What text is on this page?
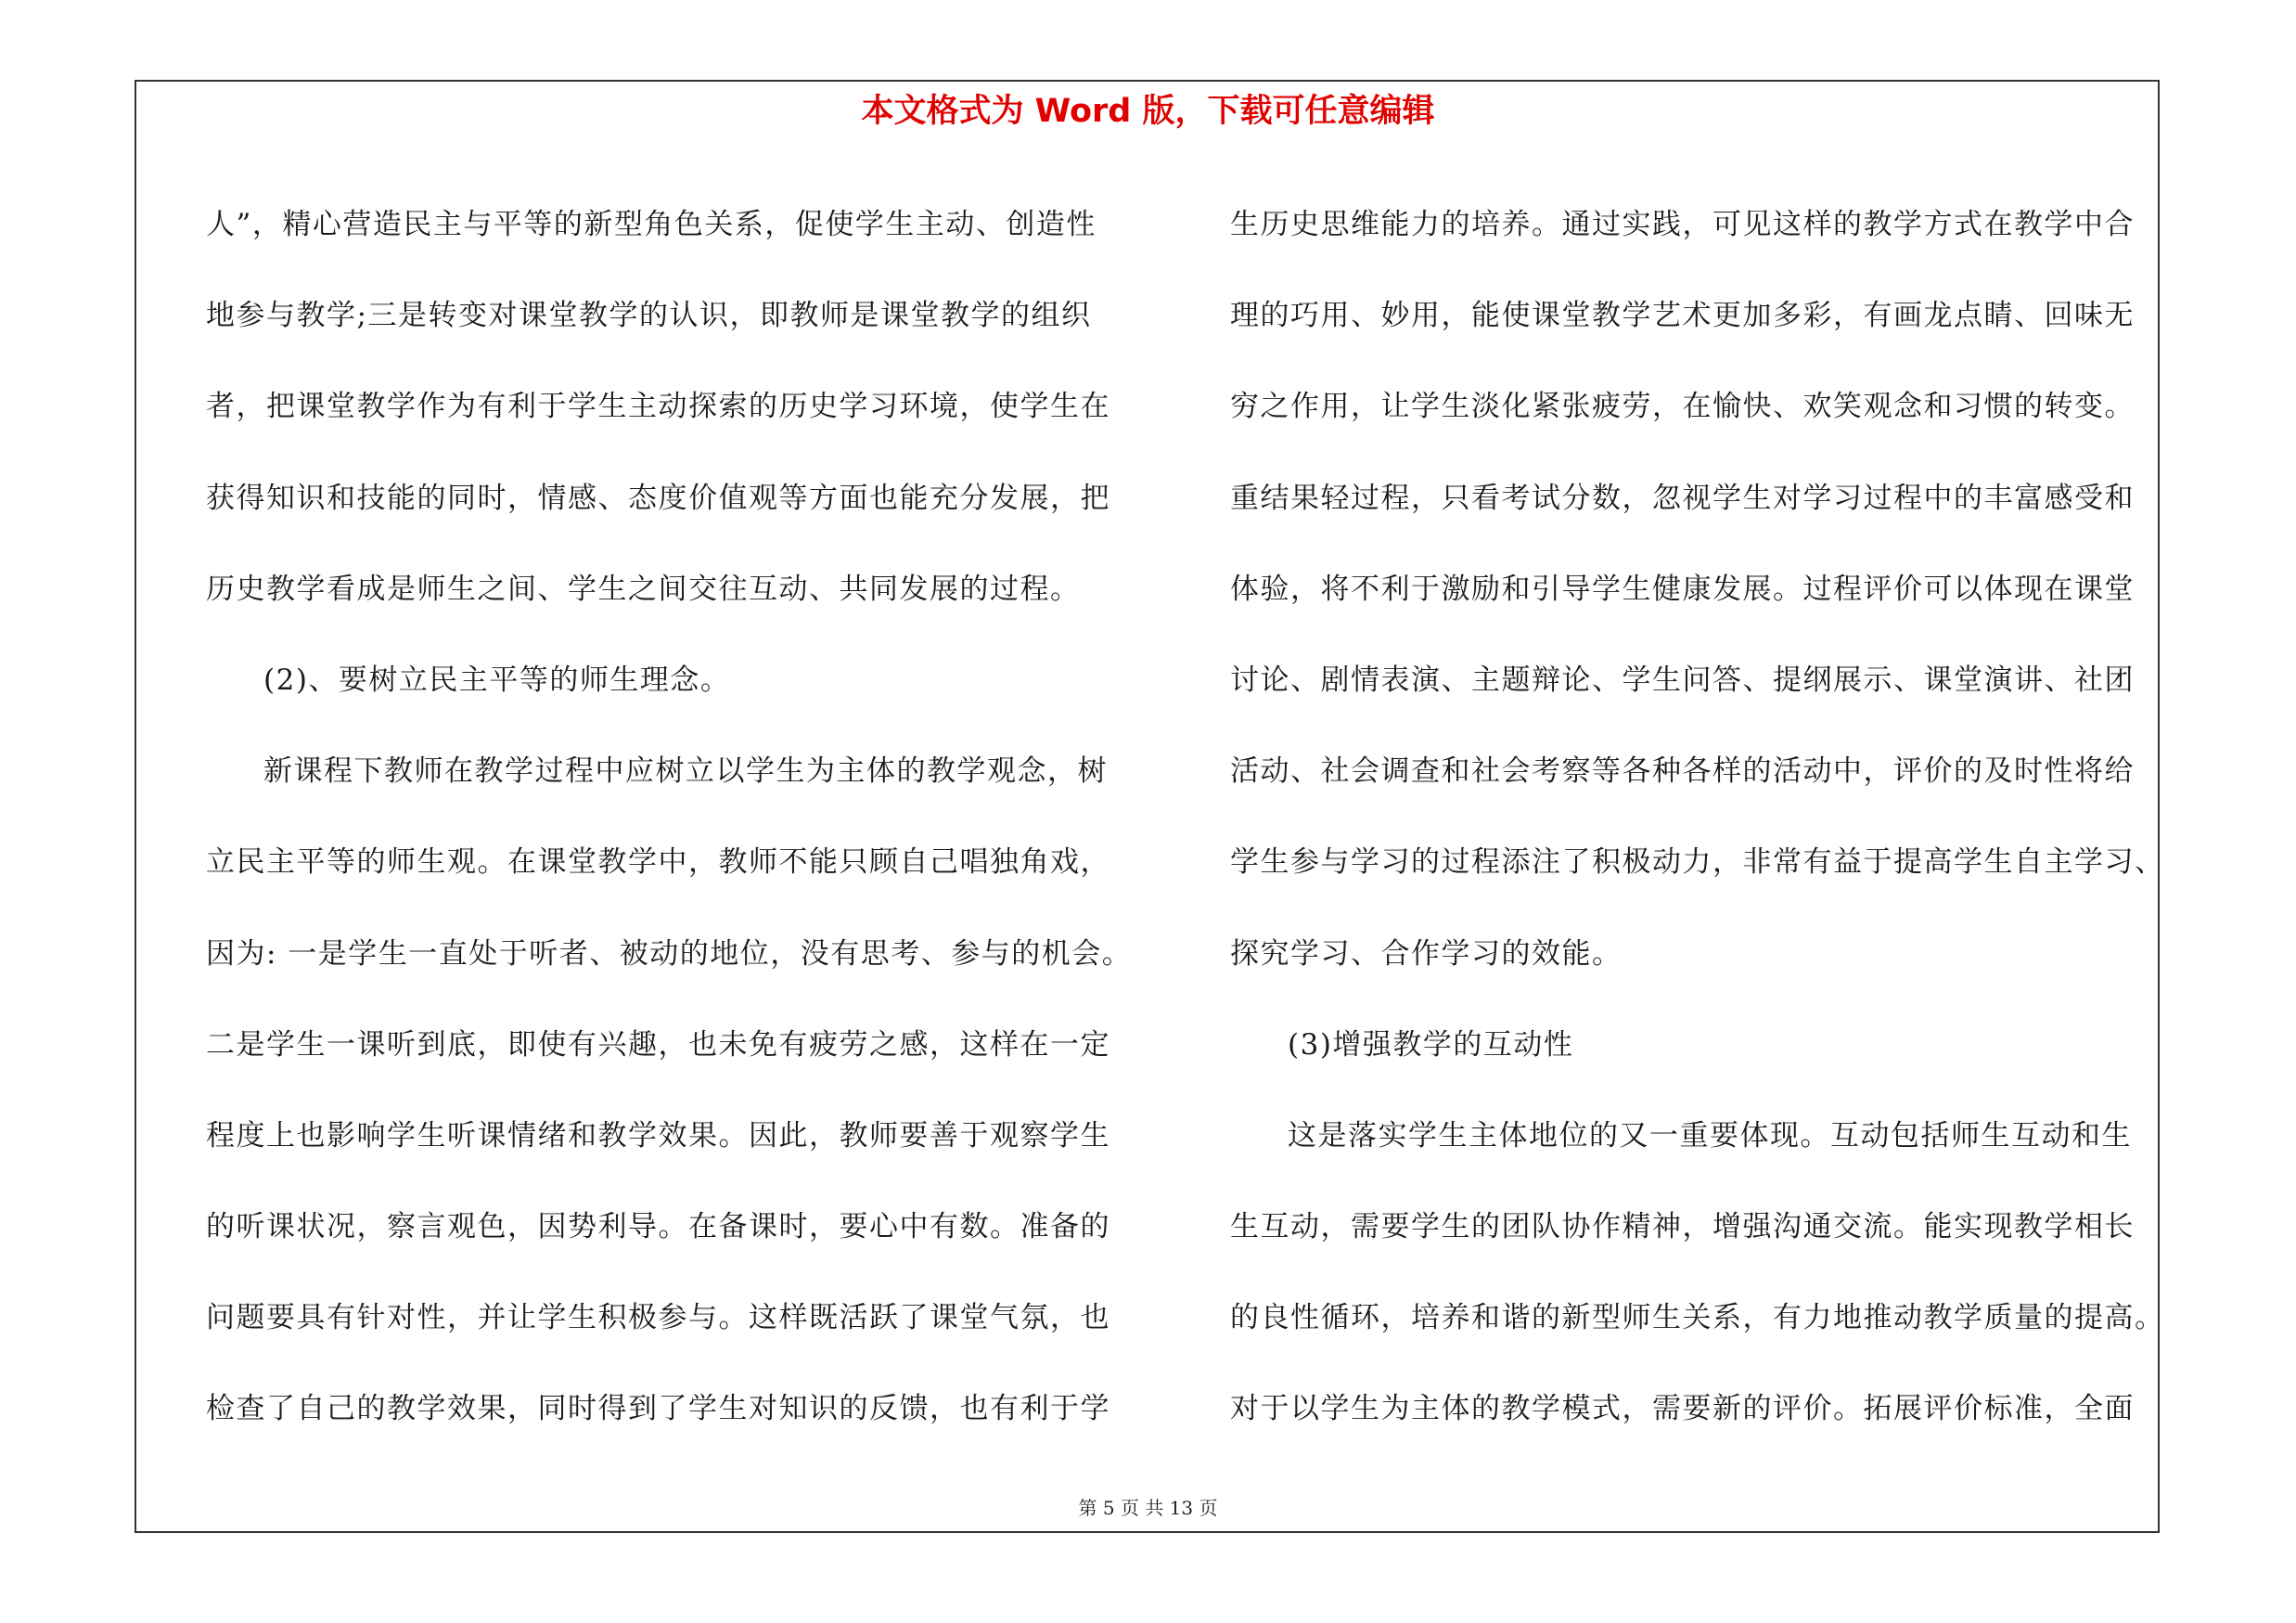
本文格式为 Word 版，下载可任意编辑
人”，精心营造民主与平等的新型角色关系，促使学生主动、创造性
地参与教学;三是转变对课堂教学的认识，即教师是课堂教学的组织
者，把课堂教学作为有利于学生主动探索的历史学习环境，使学生在
获得知识和技能的同时，情感、态度价值观等方面也能充分发展，把
历史教学看成是师生之间、学生之间交往互动、共同发展的过程。
(2)、要树立民主平等的师生理念。
新课程下教师在教学过程中应树立以学生为主体的教学观念，树
立民主平等的师生观。在课堂教学中，教师不能只顾自己唱独角戏，
因为: 一是学生一直处于听者、被动的地位，没有思考、参与的机会。
二是学生一课听到底，即使有兴趣，也未免有疲劳之感，这样在一定
程度上也影响学生听课情绪和教学效果。因此，教师要善于观察学生
的听课状况，察言观色，因势利导。在备课时，要心中有数。准备的
问题要具有针对性，并让学生积极参与。这样既活跃了课堂气氛，也
检查了自己的教学效果，同时得到了学生对知识的反馈，也有利于学
生历史思维能力的培养。通过实践，可见这样的教学方式在教学中合
理的巧用、妙用，能使课堂教学艺术更加多彩，有画龙点睛、回味无
穷之作用，让学生淡化紧张疲劳，在愉快、欢笑观念和习惯的转变。
重结果轻过程，只看考试分数，忽视学生对学习过程中的丰富感受和
体验，将不利于激励和引导学生健康发展。过程评价可以体现在课堂
讨论、剧情表演、主题辩论、学生问答、提纲展示、课堂演讲、社团
活动、社会调查和社会考察等各种各样的活动中，评价的及时性将给
学生参与学习的过程添注了积极动力，非常有益于提高学生自主学习、
探究学习、合作学习的效能。
(3)增强教学的互动性
这是落实学生主体地位的又一重要体现。互动包括师生互动和生
生互动，需要学生的团队协作精神，增强沟通交流。能实现教学相长
的良性循环，培养和谐的新型师生关系，有力地推动教学质量的提高。
对于以学生为主体的教学模式，需要新的评价。拓展评价标准，全面
第 5 页 共 13 页
